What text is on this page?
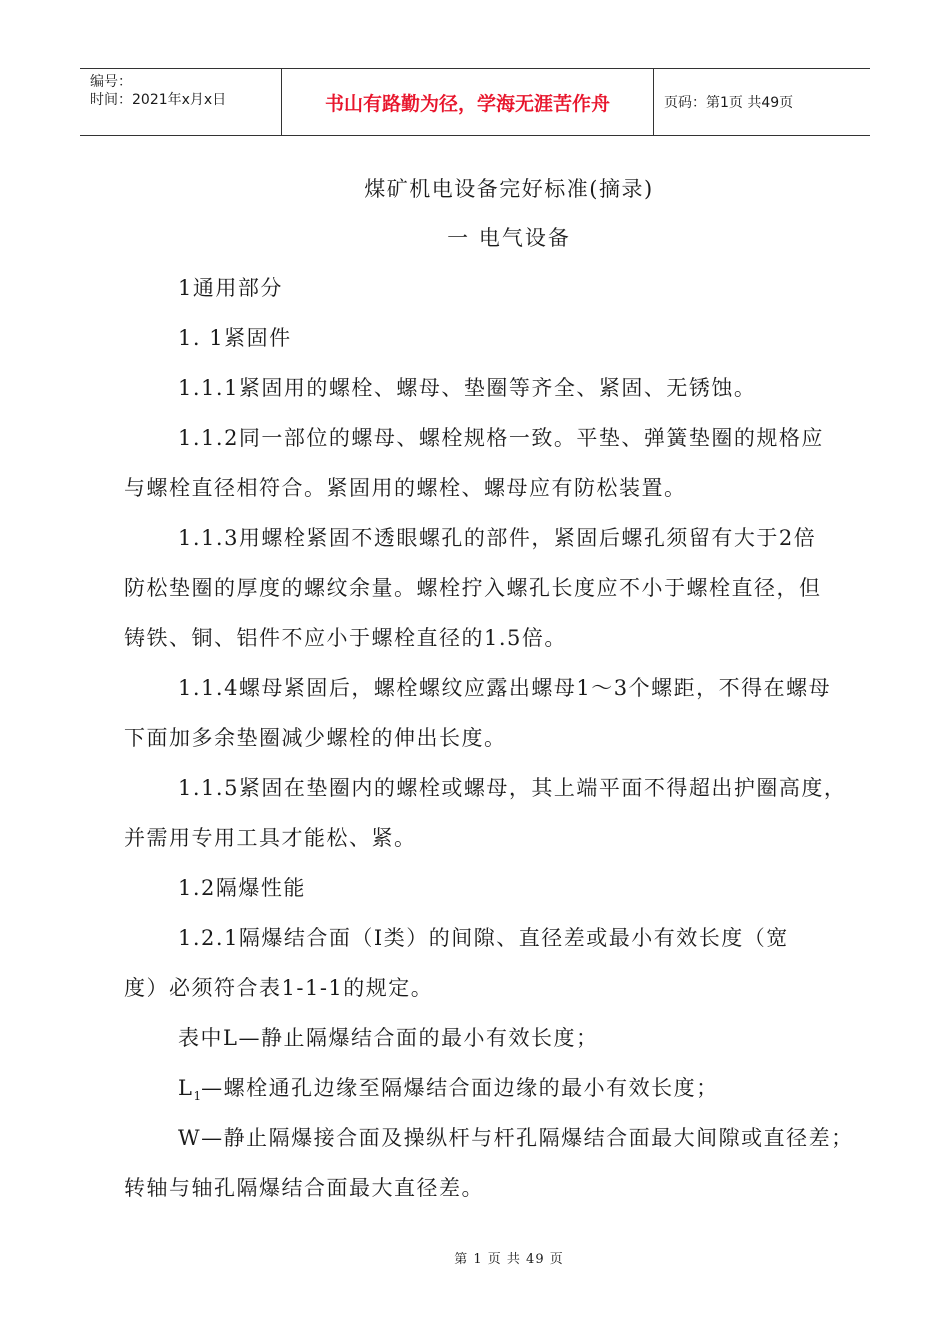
编号：
时间：2021年x月x日	书山有路勤为径，学海无涯苦作舟	页码：第1页 共49页
煤矿机电设备完好标准(摘录)
一 电气设备
1通用部分
1. 1紧固件
1.1.1紧固用的螺栓、螺母、垫圈等齐全、紧固、无锈蚀。
1.1.2同一部位的螺母、螺栓规格一致。平垫、弹簧垫圈的规格应
与螺栓直径相符合。紧固用的螺栓、螺母应有防松装置。
1.1.3用螺栓紧固不透眼螺孔的部件，紧固后螺孔须留有大于2倍
防松垫圈的厚度的螺纹余量。螺栓拧入螺孔长度应不小于螺栓直径，但
铸铁、铜、铝件不应小于螺栓直径的1.5倍。
1.1.4螺母紧固后，螺栓螺纹应露出螺母1～3个螺距，不得在螺母
下面加多余垫圈减少螺栓的伸出长度。
1.1.5紧固在垫圈内的螺栓或螺母，其上端平面不得超出护圈高度，
并需用专用工具才能松、紧。
1.2隔爆性能
1.2.1隔爆结合面（Ⅰ类）的间隙、直径差或最小有效长度（宽
度）必须符合表1-1-1的规定。
表中L—静止隔爆结合面的最小有效长度；
$L_1—$螺栓通孔边缘至隔爆结合面边缘的最小有效长度；
W—静止隔爆接合面及操纵杆与杆孔隔爆结合面最大间隙或直径差；
转轴与轴孔隔爆结合面最大直径差。
第 1 页 共 49 页
